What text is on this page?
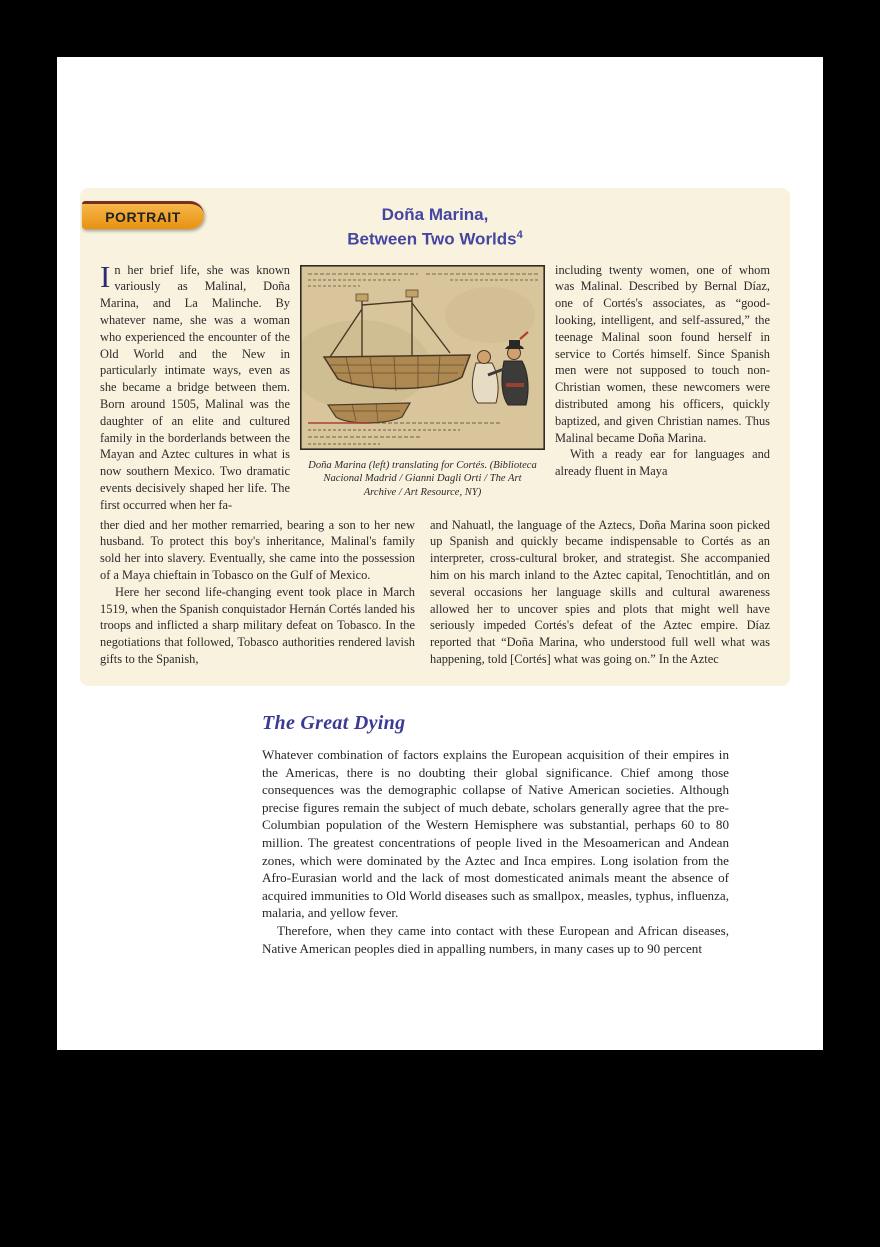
PORTRAIT	Doña Marina,
Between Two Worlds$^4$

In her brief life, she was known variously as Malinal, Doña Marina, and La Malinche. By whatever name, she was a woman who experienced the encounter of the Old World and the New in particularly intimate ways, even as she became a bridge between them. Born around 1505, Malinal was the daughter of an elite and cultured family in the borderlands between the Mayan and Aztec cultures in what is now southern Mexico. Two dramatic events decisively shaped her life. The first occurred when her fa-

Doña Marina (left) translating for Cortés. (Biblioteca Nacional Madrid / Gianni Dagli Orti / The Art Archive / Art Resource, NY)

including twenty women, one of whom was Malinal. Described by Bernal Díaz, one of Cortés's associates, as “good-looking, intelligent, and self-assured,” the teenage Malinal soon found herself in service to Cortés himself. Since Spanish men were not supposed to touch non-Christian women, these newcomers were distributed among his officers, quickly baptized, and given Christian names. Thus Malinal became Doña Marina.

With a ready ear for languages and already fluent in Maya

ther died and her mother remarried, bearing a son to her new husband. To protect this boy's inheritance, Malinal's family sold her into slavery. Eventually, she came into the possession of a Maya chieftain in Tobasco on the Gulf of Mexico.

Here her second life-changing event took place in March 1519, when the Spanish conquistador Hernán Cortés landed his troops and inflicted a sharp military defeat on Tobasco. In the negotiations that followed, Tobasco authorities rendered lavish gifts to the Spanish,

and Nahuatl, the language of the Aztecs, Doña Marina soon picked up Spanish and quickly became indispensable to Cortés as an interpreter, cross-cultural broker, and strategist. She accompanied him on his march inland to the Aztec capital, Tenochtitlán, and on several occasions her language skills and cultural awareness allowed her to uncover spies and plots that might well have seriously impeded Cortés's defeat of the Aztec empire. Díaz reported that “Doña Marina, who understood full well what was happening, told [Cortés] what was going on.” In the Aztec

The Great Dying

Whatever combination of factors explains the European acquisition of their empires in the Americas, there is no doubting their global significance. Chief among those consequences was the demographic collapse of Native American societies. Although precise figures remain the subject of much debate, scholars generally agree that the pre-Columbian population of the Western Hemisphere was substantial, perhaps 60 to 80 million. The greatest concentrations of people lived in the Mesoamerican and Andean zones, which were dominated by the Aztec and Inca empires. Long isolation from the Afro-Eurasian world and the lack of most domesticated animals meant the absence of acquired immunities to Old World diseases such as smallpox, measles, typhus, influenza, malaria, and yellow fever.

Therefore, when they came into contact with these European and African diseases, Native American peoples died in appalling numbers, in many cases up to 90 percent
